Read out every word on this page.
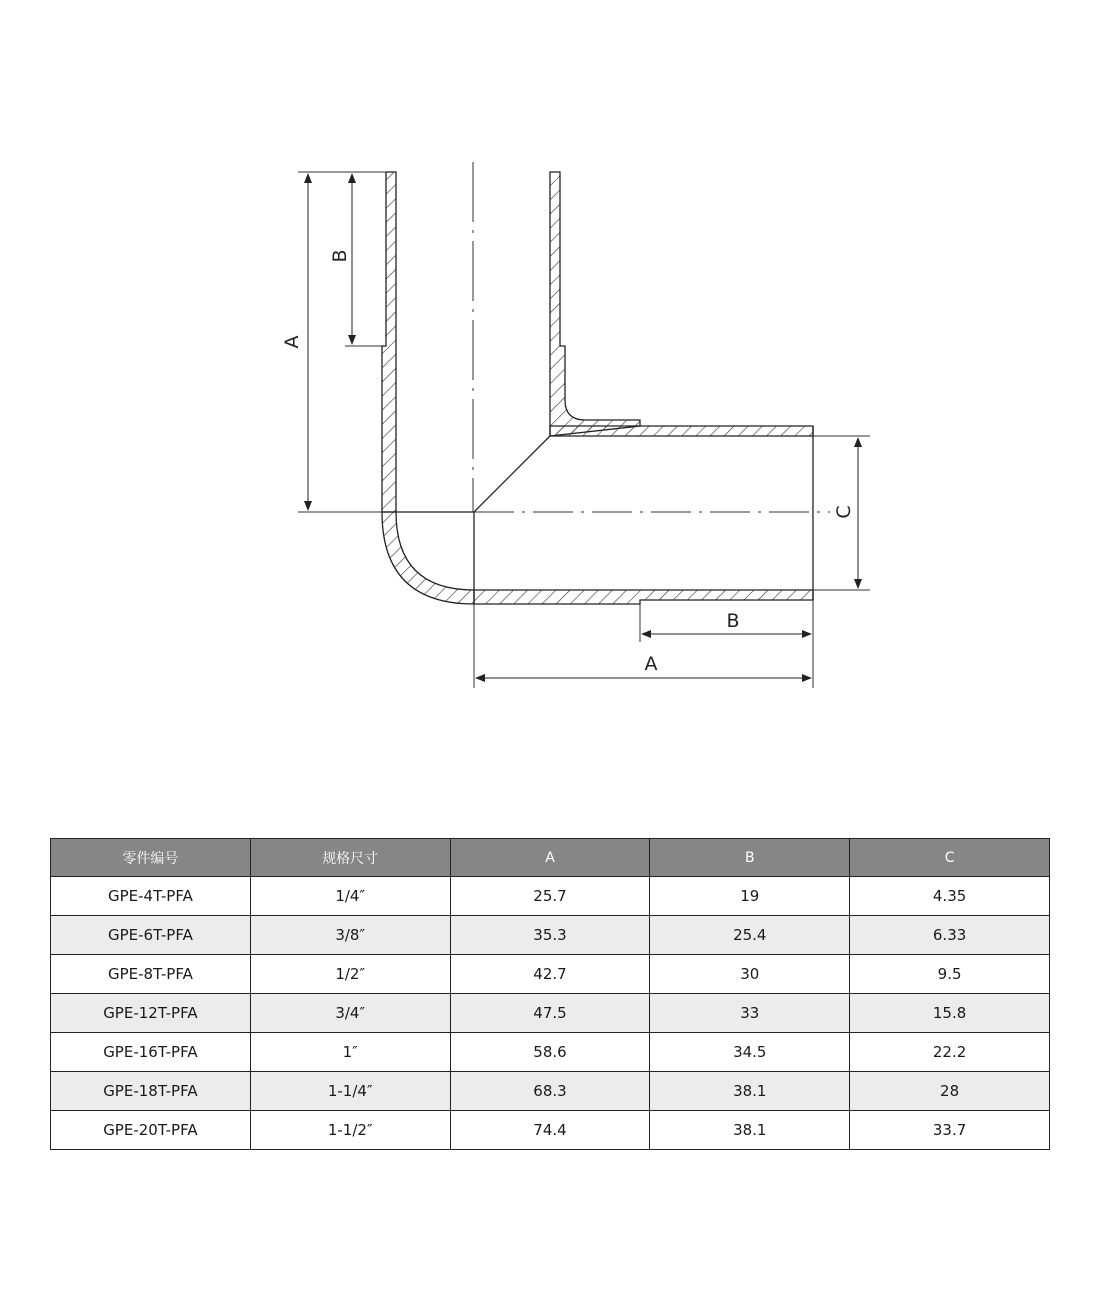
A
B
C
B
A
零件编号	规格尺寸	A	B	C
GPE-4T-PFA	1/4″	25.7	19	4.35
GPE-6T-PFA	3/8″	35.3	25.4	6.33
GPE-8T-PFA	1/2″	42.7	30	9.5
GPE-12T-PFA	3/4″	47.5	33	15.8
GPE-16T-PFA	1″	58.6	34.5	22.2
GPE-18T-PFA	1-1/4″	68.3	38.1	28
GPE-20T-PFA	1-1/2″	74.4	38.1	33.7
